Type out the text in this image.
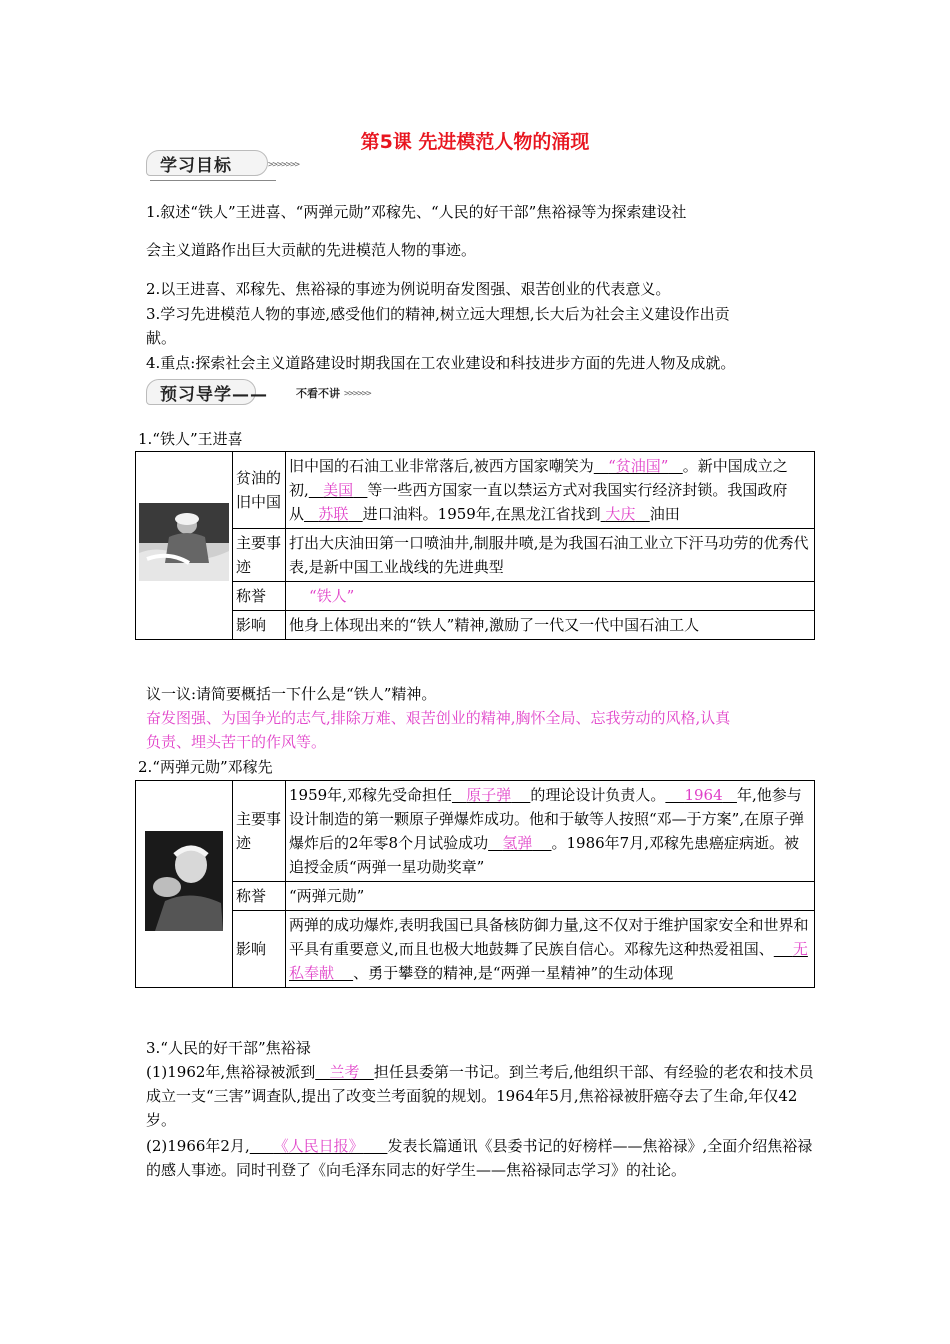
第5课 先进模范人物的涌现
学习目标	>>>>>>>
1.叙述“铁人”王进喜、“两弹元勋”邓稼先、“人民的好干部”焦裕禄等为探索建设社
会主义道路作出巨大贡献的先进模范人物的事迹。
2.以王进喜、邓稼先、焦裕禄的事迹为例说明奋发图强、艰苦创业的代表意义。
3.学习先进模范人物的事迹,感受他们的精神,树立远大理想,长大后为社会主义建设作出贡
献。
4.重点:探索社会主义道路建设时期我国在工农业建设和科技进步方面的先进人物及成就。
预习导学——	不看不讲 >>>>>>
1.“铁人”王进喜
	贫油的旧中国	旧中国的石油工业非常落后,被西方国家嘲笑为 “贫油国” 。新中国成立之初, 美国 等一些西方国家一直以禁运方式对我国实行经济封锁。我国政府从 苏联 进口油料。1959年,在黑龙江省找到 大庆 油田
	主要事迹	打出大庆油田第一口喷油井,制服井喷,是为我国石油工业立下汗马功劳的优秀代表,是新中国工业战线的先进典型
	称誉	“铁人”
	影响	他身上体现出来的“铁人”精神,激励了一代又一代中国石油工人
议一议:请简要概括一下什么是“铁人”精神。
奋发图强、为国争光的志气,排除万难、艰苦创业的精神,胸怀全局、忘我劳动的风格,认真
负责、埋头苦干的作风等。
2.“两弹元勋”邓稼先
	主要事迹	1959年,邓稼先受命担任 原子弹 的理论设计负责人。 1964 年,他参与设计制造的第一颗原子弹爆炸成功。他和于敏等人按照“邓—于方案”,在原子弹爆炸后的2年零8个月试验成功 氢弹 。1986年7月,邓稼先患癌症病逝。被追授金质“两弹一星功勋奖章”
	称誉	“两弹元勋”
	影响	两弹的成功爆炸,表明我国已具备核防御力量,这不仅对于维护国家安全和世界和平具有重要意义,而且也极大地鼓舞了民族自信心。邓稼先这种热爱祖国、 无私奉献 、勇于攀登的精神,是“两弹一星精神”的生动体现
3.“人民的好干部”焦裕禄
(1)1962年,焦裕禄被派到 兰考 担任县委第一书记。到兰考后,他组织干部、有经验的老农和技术员成立一支“三害”调查队,提出了改变兰考面貌的规划。1964年5月,焦裕禄被肝癌夺去了生命,年仅42岁。
(2)1966年2月, 《人民日报》 发表长篇通讯《县委书记的好榜样——焦裕禄》,全面介绍焦裕禄的感人事迹。同时刊登了《向毛泽东同志的好学生——焦裕禄同志学习》的社论。
